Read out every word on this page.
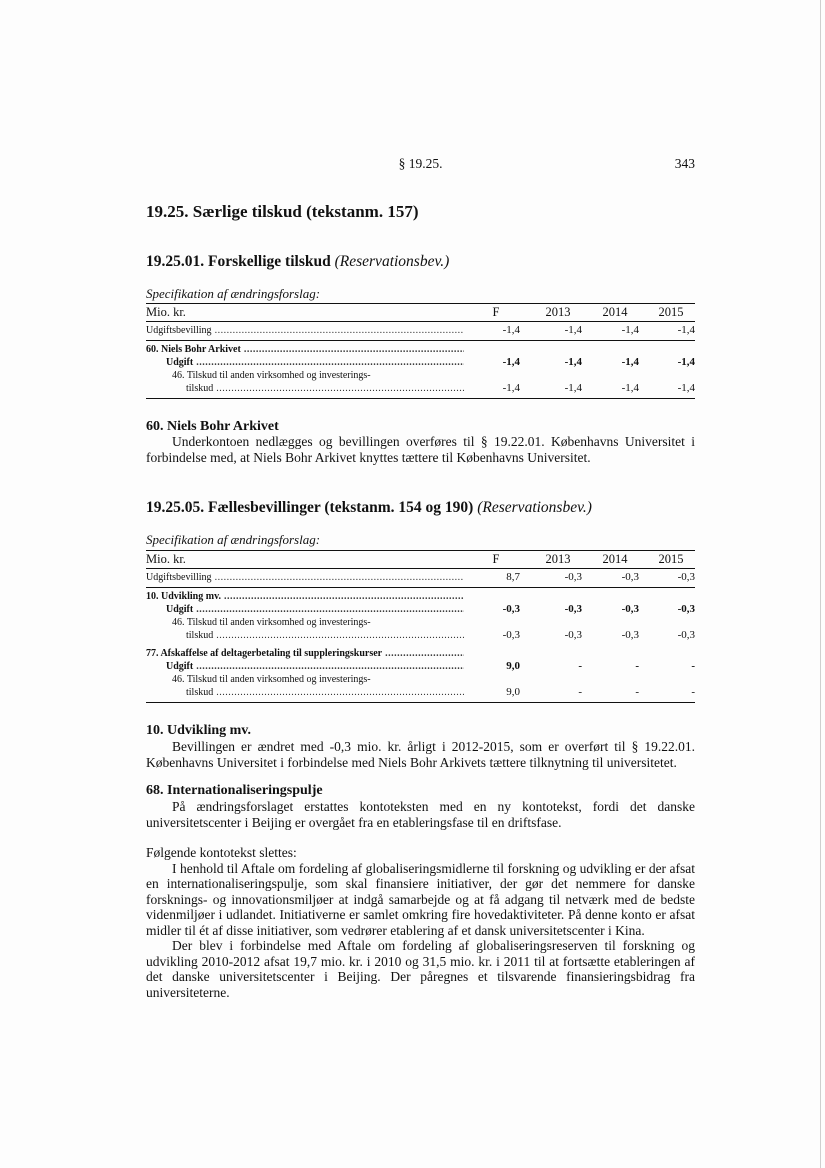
§ 19.25.	343
19.25. Særlige tilskud (tekstanm. 157)
19.25.01. Forskellige tilskud (Reservationsbev.)
Specifikation af ændringsforslag:
Mio. kr.	F	2013	2014	2015
Udgiftsbevilling .....	-1,4	-1,4	-1,4	-1,4
60. Niels Bohr Arkivet .....
Udgift .....	-1,4	-1,4	-1,4	-1,4
46. Tilskud til anden virksomhed og investerings-
tilskud .....	-1,4	-1,4	-1,4	-1,4
60. Niels Bohr Arkivet

Underkontoen nedlægges og bevillingen overføres til § 19.22.01. Københavns Universitet i forbindelse med, at Niels Bohr Arkivet knyttes tættere til Københavns Universitet.

19.25.05. Fællesbevillinger (tekstanm. 154 og 190) (Reservationsbev.)
Specifikation af ændringsforslag:
Mio. kr.	F	2013	2014	2015
Udgiftsbevilling .....	8,7	-0,3	-0,3	-0,3
10. Udvikling mv. .....
Udgift .....	-0,3	-0,3	-0,3	-0,3
46. Tilskud til anden virksomhed og investerings-
tilskud .....	-0,3	-0,3	-0,3	-0,3
77. Afskaffelse af deltagerbetaling til suppleringskurser .....
Udgift .....	9,0	-	-	-
46. Tilskud til anden virksomhed og investerings-
tilskud .....	9,0	-	-	-
10. Udvikling mv.

Bevillingen er ændret med -0,3 mio. kr. årligt i 2012-2015, som er overført til § 19.22.01. Københavns Universitet i forbindelse med Niels Bohr Arkivets tættere tilknytning til universitetet.

68. Internationaliseringspulje

På ændringsforslaget erstattes kontoteksten med en ny kontotekst, fordi det danske universitetscenter i Beijing er overgået fra en etableringsfase til en driftsfase.

Følgende kontotekst slettes:

I henhold til Aftale om fordeling af globaliseringsmidlerne til forskning og udvikling er der afsat en internationaliseringspulje, som skal finansiere initiativer, der gør det nemmere for danske forsknings- og innovationsmiljøer at indgå samarbejde og at få adgang til netværk med de bedste videnmiljøer i udlandet. Initiativerne er samlet omkring fire hovedaktiviteter. På denne konto er afsat midler til ét af disse initiativer, som vedrører etablering af et dansk universitetscenter i Kina.

Der blev i forbindelse med Aftale om fordeling af globaliseringsreserven til forskning og udvikling 2010-2012 afsat 19,7 mio. kr. i 2010 og 31,5 mio. kr. i 2011 til at fortsætte etableringen af det danske universitetscenter i Beijing. Der påregnes et tilsvarende finansieringsbidrag fra universiteterne.
